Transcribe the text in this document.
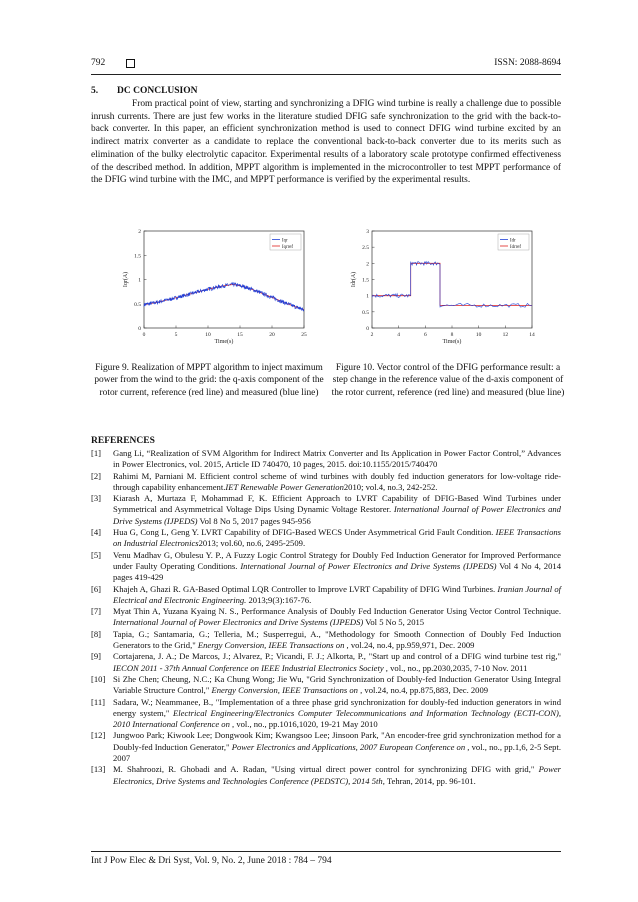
792	ISSN: 2088-8694
5. DC CONCLUSION

From practical point of view, starting and synchronizing a DFIG wind turbine is really a challenge due to possible inrush currents. There are just few works in the literature studied DFIG safe synchronization to the grid with the back-to-back converter. In this paper, an efficient synchronization method is used to connect DFIG wind turbine excited by an indirect matrix converter as a candidate to replace the conventional back-to-back converter due to its merits such as elimination of the bulky electrolytic capacitor. Experimental results of a laboratory scale prototype confirmed effectiveness of the described method. In addition, MPPT algorithm is implemented in the microcontroller to test MPPT performance of the DFIG wind turbine with the IMC, and MPPT performance is verified by the experimental results.

0	5	10	15	20	25
0
0.5
1
1.5
2
Time(s)
Iqr(A)
Iqr
Iqrref
2	4	6	8	10	12	14
0
0.5
1
1.5
2
2.5
3
Time(s)
Idr(A)
Idr
Idrref
Figure 9. Realization of MPPT algorithm to inject maximum power from the wind to the grid: the q-axis component of the rotor current, reference (red line) and measured (blue line)
Figure 10. Vector control of the DFIG performance result: a step change in the reference value of the d-axis component of the rotor current, reference (red line) and measured (blue line)
REFERENCES
[1] Gang Li, “Realization of SVM Algorithm for Indirect Matrix Converter and Its Application in Power Factor Control,” Advances in Power Electronics, vol. 2015, Article ID 740470, 10 pages, 2015. doi:10.1155/2015/740470
[2] Rahimi M, Parniani M. Efficient control scheme of wind turbines with doubly fed induction generators for low-voltage ride-through capability enhancement.IET Renewable Power Generation2010; vol.4, no.3, 242-252.
[3] Kiarash A, Murtaza F, Mohammad F, K. Efficient Approach to LVRT Capability of DFIG-Based Wind Turbines under Symmetrical and Asymmetrical Voltage Dips Using Dynamic Voltage Restorer. International Journal of Power Electronics and Drive Systems (IJPEDS) Vol 8 No 5, 2017 pages 945-956
[4] Hua G, Cong L, Geng Y. LVRT Capability of DFIG-Based WECS Under Asymmetrical Grid Fault Condition. IEEE Transactions on Industrial Electronics2013; vol.60, no.6, 2495-2509.
[5] Venu Madhav G, Obulesu Y. P., A Fuzzy Logic Control Strategy for Doubly Fed Induction Generator for Improved Performance under Faulty Operating Conditions. International Journal of Power Electronics and Drive Systems (IJPEDS) Vol 4 No 4, 2014 pages 419-429
[6] Khajeh A, Ghazi R. GA-Based Optimal LQR Controller to Improve LVRT Capability of DFIG Wind Turbines. Iranian Journal of Electrical and Electronic Engineering. 2013;9(3):167-76.
[7] Myat Thin A, Yuzana Kyaing N. S., Performance Analysis of Doubly Fed Induction Generator Using Vector Control Technique. International Journal of Power Electronics and Drive Systems (IJPEDS) Vol 5 No 5, 2015
[8] Tapia, G.; Santamaria, G.; Telleria, M.; Susperregui, A., "Methodology for Smooth Connection of Doubly Fed Induction Generators to the Grid," Energy Conversion, IEEE Transactions on , vol.24, no.4, pp.959,971, Dec. 2009
[9] Cortajarena, J. A.; De Marcos, J.; Alvarez, P.; Vicandi, F. J.; Alkorta, P., "Start up and control of a DFIG wind turbine test rig," IECON 2011 - 37th Annual Conference on IEEE Industrial Electronics Society , vol., no., pp.2030,2035, 7-10 Nov. 2011
[10] Si Zhe Chen; Cheung, N.C.; Ka Chung Wong; Jie Wu, "Grid Synchronization of Doubly-fed Induction Generator Using Integral Variable Structure Control," Energy Conversion, IEEE Transactions on , vol.24, no.4, pp.875,883, Dec. 2009
[11] Sadara, W.; Neammanee, B., "Implementation of a three phase grid synchronization for doubly-fed induction generators in wind energy system," Electrical Engineering/Electronics Computer Telecommunications and Information Technology (ECTI-CON), 2010 International Conference on , vol., no., pp.1016,1020, 19-21 May 2010
[12] Jungwoo Park; Kiwook Lee; Dongwook Kim; Kwangsoo Lee; Jinsoon Park, "An encoder-free grid synchronization method for a Doubly-fed Induction Generator," Power Electronics and Applications, 2007 European Conference on , vol., no., pp.1,6, 2-5 Sept. 2007
[13] M. Shahroozi, R. Ghobadi and A. Radan, "Using virtual direct power control for synchronizing DFIG with grid," Power Electronics, Drive Systems and Technologies Conference (PEDSTC), 2014 5th, Tehran, 2014, pp. 96-101.
Int J Pow Elec & Dri Syst, Vol. 9, No. 2, June 2018 : 784 – 794
